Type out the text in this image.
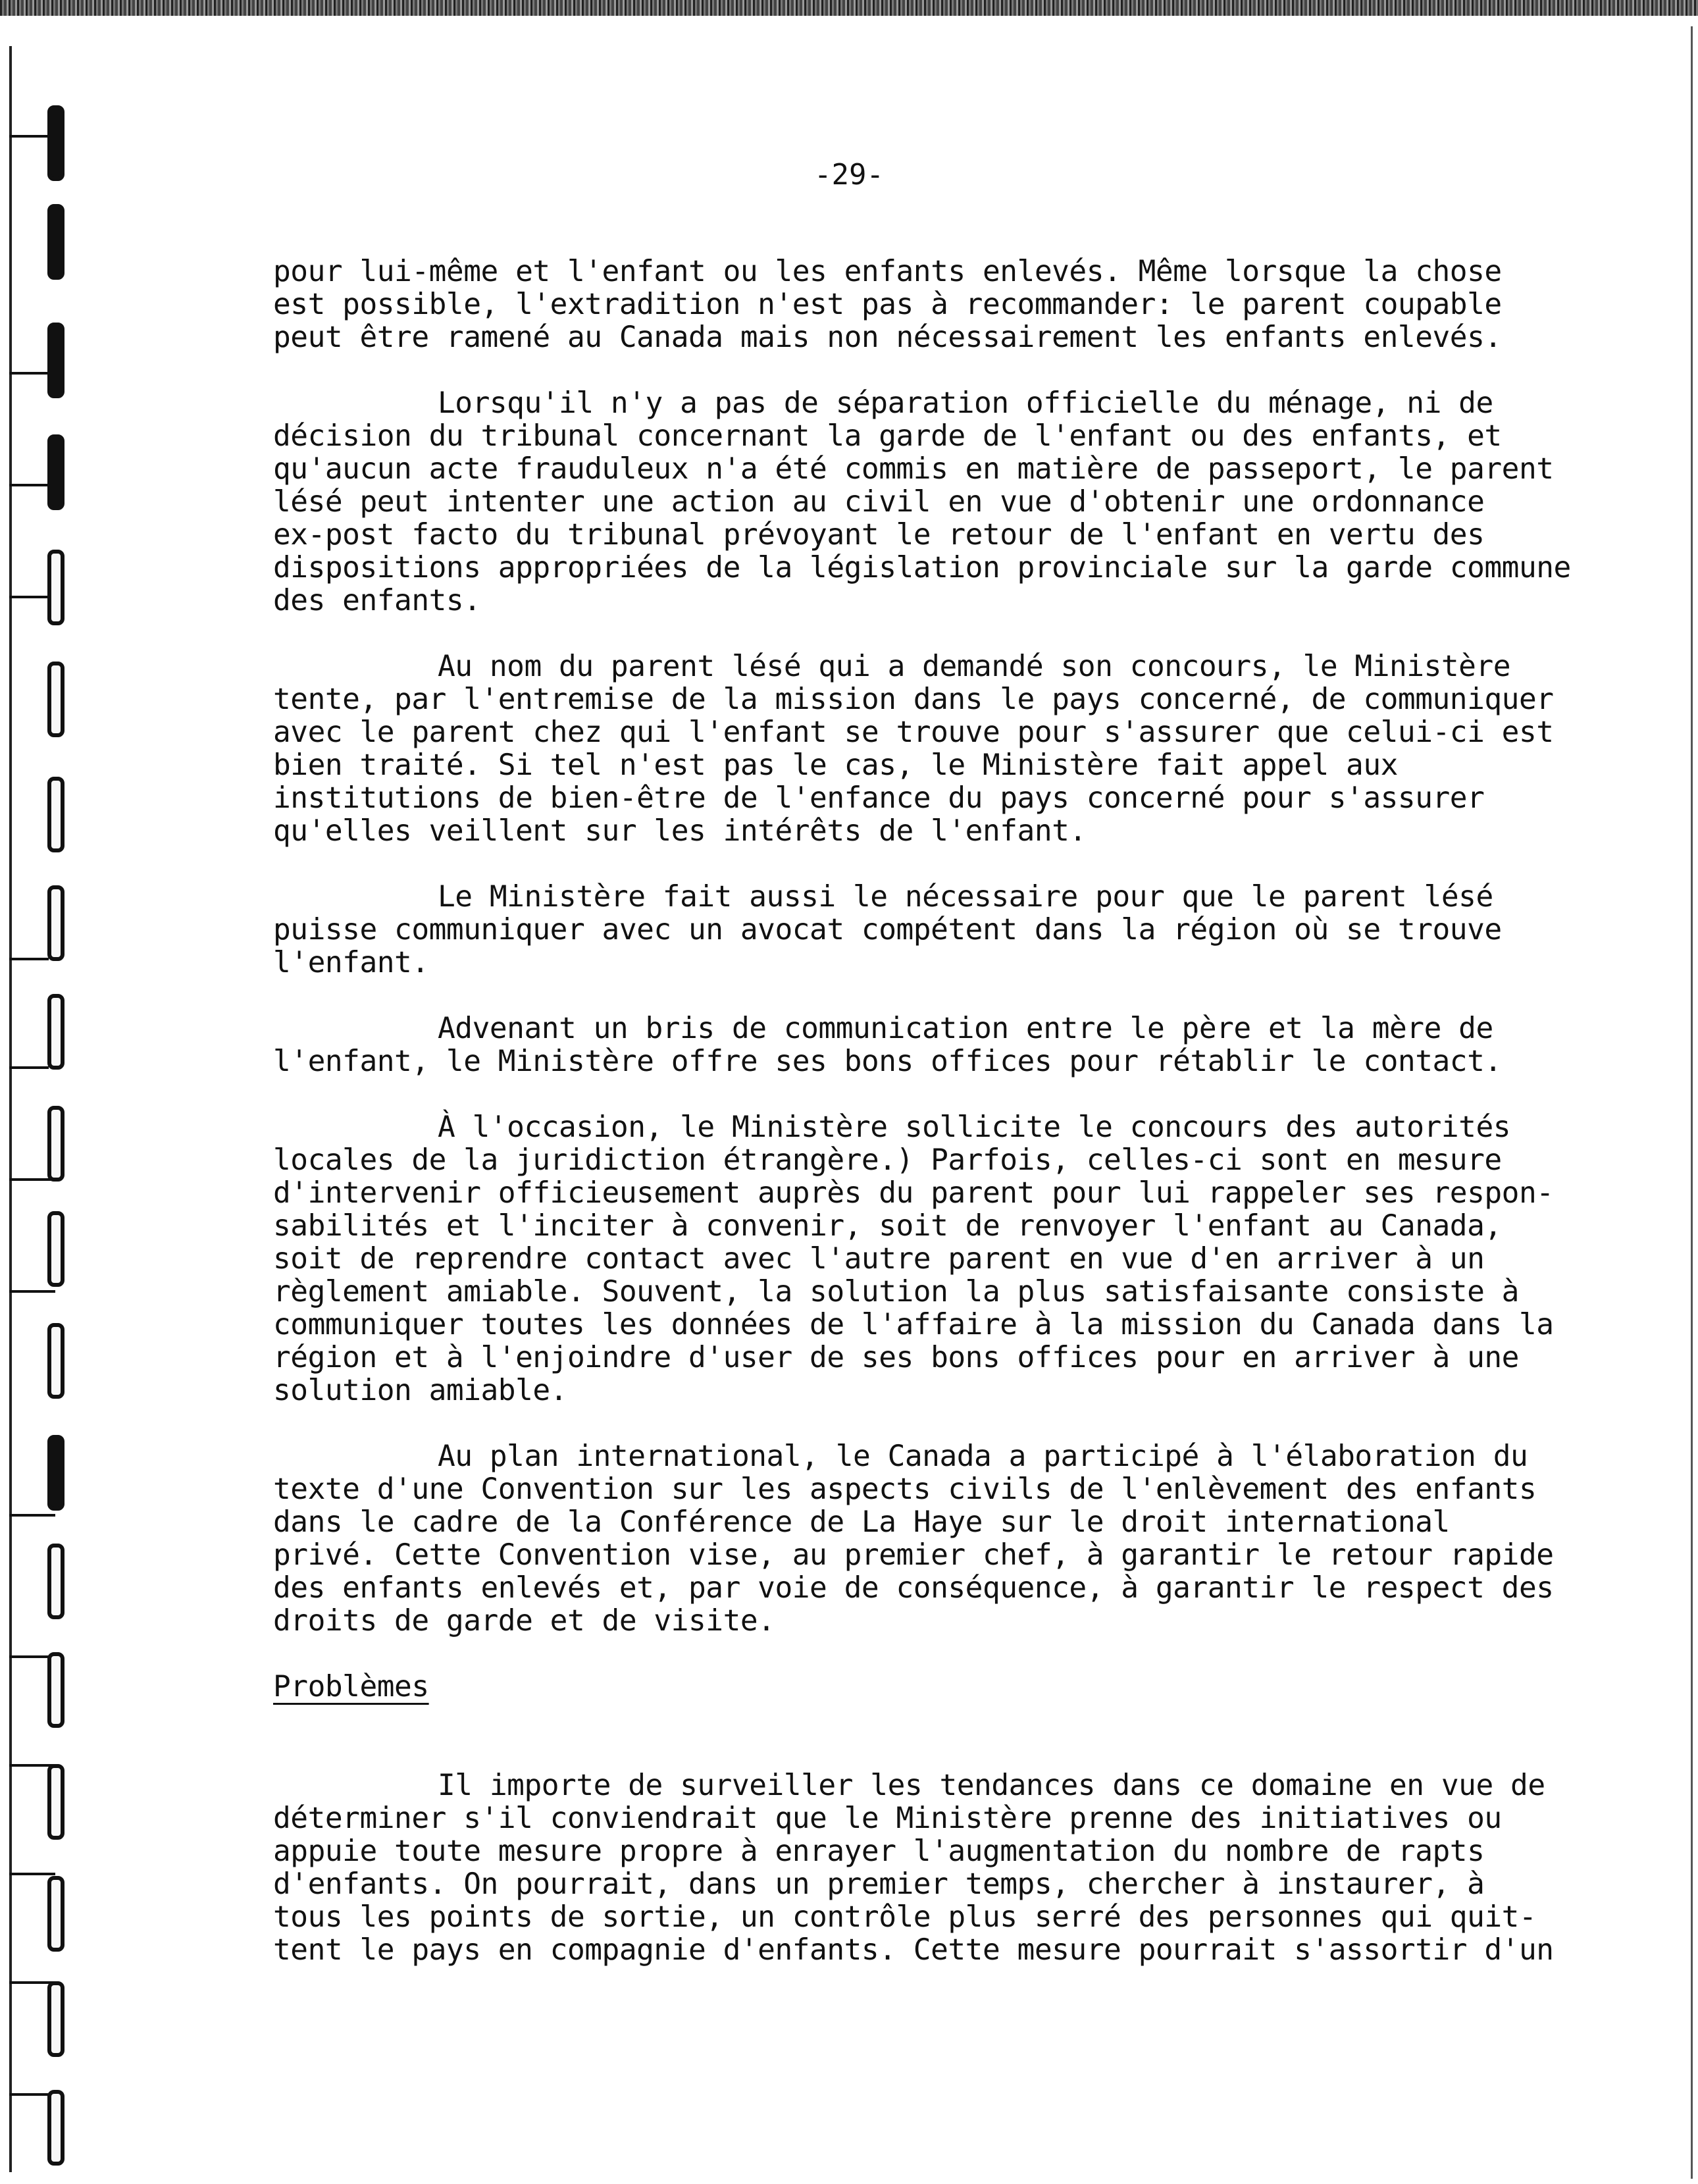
-29-

pour lui-même et l'enfant ou les enfants enlevés. Même lorsque la chose
est possible, l'extradition n'est pas à recommander: le parent coupable
peut être ramené au Canada mais non nécessairement les enfants enlevés.

Lorsqu'il n'y a pas de séparation officielle du ménage, ni de
décision du tribunal concernant la garde de l'enfant ou des enfants, et
qu'aucun acte frauduleux n'a été commis en matière de passeport, le parent
lésé peut intenter une action au civil en vue d'obtenir une ordonnance
ex-post facto du tribunal prévoyant le retour de l'enfant en vertu des
dispositions appropriées de la législation provinciale sur la garde commune
des enfants.

Au nom du parent lésé qui a demandé son concours, le Ministère
tente, par l'entremise de la mission dans le pays concerné, de communiquer
avec le parent chez qui l'enfant se trouve pour s'assurer que celui-ci est
bien traité. Si tel n'est pas le cas, le Ministère fait appel aux
institutions de bien-être de l'enfance du pays concerné pour s'assurer
qu'elles veillent sur les intérêts de l'enfant.

Le Ministère fait aussi le nécessaire pour que le parent lésé
puisse communiquer avec un avocat compétent dans la région où se trouve
l'enfant.

Advenant un bris de communication entre le père et la mère de
l'enfant, le Ministère offre ses bons offices pour rétablir le contact.

À l'occasion, le Ministère sollicite le concours des autorités
locales de la juridiction étrangère.) Parfois, celles-ci sont en mesure
d'intervenir officieusement auprès du parent pour lui rappeler ses respon-
sabilités et l'inciter à convenir, soit de renvoyer l'enfant au Canada,
soit de reprendre contact avec l'autre parent en vue d'en arriver à un
règlement amiable. Souvent, la solution la plus satisfaisante consiste à
communiquer toutes les données de l'affaire à la mission du Canada dans la
région et à l'enjoindre d'user de ses bons offices pour en arriver à une
solution amiable.

Au plan international, le Canada a participé à l'élaboration du
texte d'une Convention sur les aspects civils de l'enlèvement des enfants
dans le cadre de la Conférence de La Haye sur le droit international
privé. Cette Convention vise, au premier chef, à garantir le retour rapide
des enfants enlevés et, par voie de conséquence, à garantir le respect des
droits de garde et de visite.

Problèmes

Il importe de surveiller les tendances dans ce domaine en vue de
déterminer s'il conviendrait que le Ministère prenne des initiatives ou
appuie toute mesure propre à enrayer l'augmentation du nombre de rapts
d'enfants. On pourrait, dans un premier temps, chercher à instaurer, à
tous les points de sortie, un contrôle plus serré des personnes qui quit-
tent le pays en compagnie d'enfants. Cette mesure pourrait s'assortir d'un
